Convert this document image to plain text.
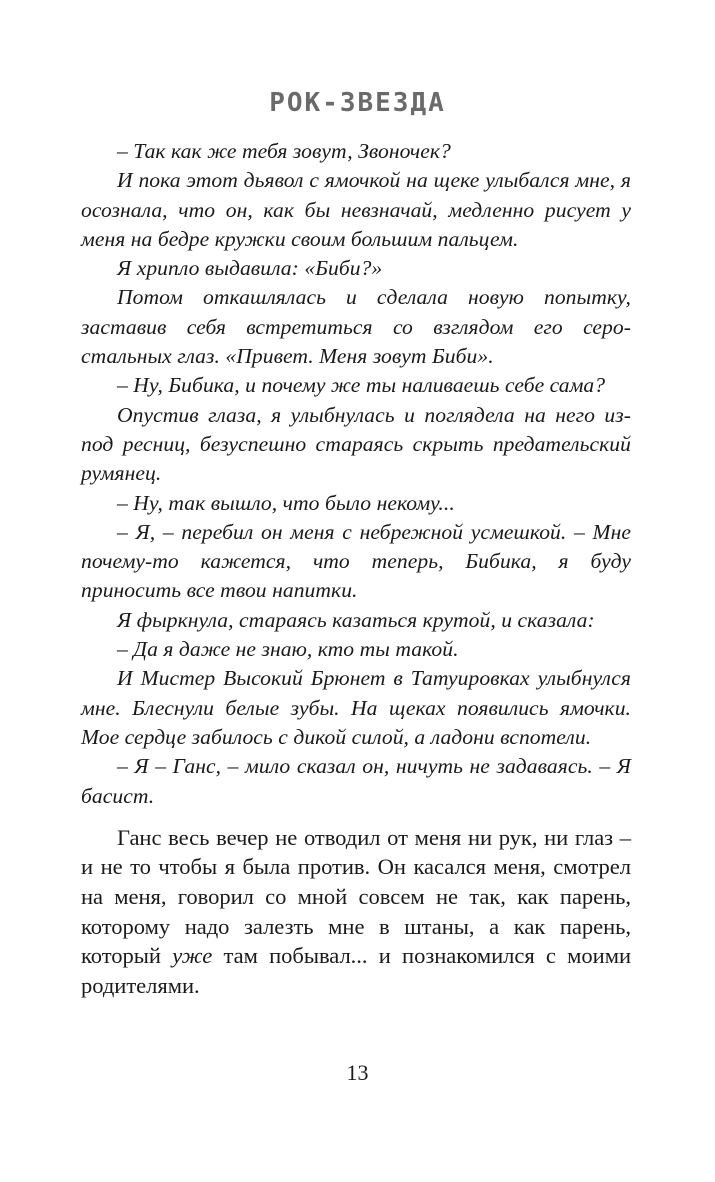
РОК-ЗВЕЗДА

– Так как же тебя зовут, Звоночек?

И пока этот дьявол с ямочкой на щеке улыбался мне, я осознала, что он, как бы невзначай, медленно рисует у меня на бедре кружки своим большим пальцем.

Я хрипло выдавила: «Биби?»

Потом откашлялась и сделала новую попытку, заставив себя встретиться со взглядом его серо-стальных глаз. «Привет. Меня зовут Биби».

– Ну, Бибика, и почему же ты наливаешь себе сама?

Опустив глаза, я улыбнулась и поглядела на него из-под ресниц, безуспешно стараясь скрыть предательский румянец.

– Ну, так вышло, что было некому...

– Я, – перебил он меня с небрежной усмешкой. – Мне почему-то кажется, что теперь, Бибика, я буду приносить все твои напитки.

Я фыркнула, стараясь казаться крутой, и сказала:

– Да я даже не знаю, кто ты такой.

И Мистер Высокий Брюнет в Татуировках улыбнулся мне. Блеснули белые зубы. На щеках появились ямочки. Мое сердце забилось с дикой силой, а ладони вспотели.

– Я – Ганс, – мило сказал он, ничуть не задаваясь. – Я басист.

Ганс весь вечер не отводил от меня ни рук, ни глаз – и не то чтобы я была против. Он касался меня, смотрел на меня, говорил со мной совсем не так, как парень, которому надо залезть мне в штаны, а как парень, который уже там побывал... и познакомился с моими родителями.

13
